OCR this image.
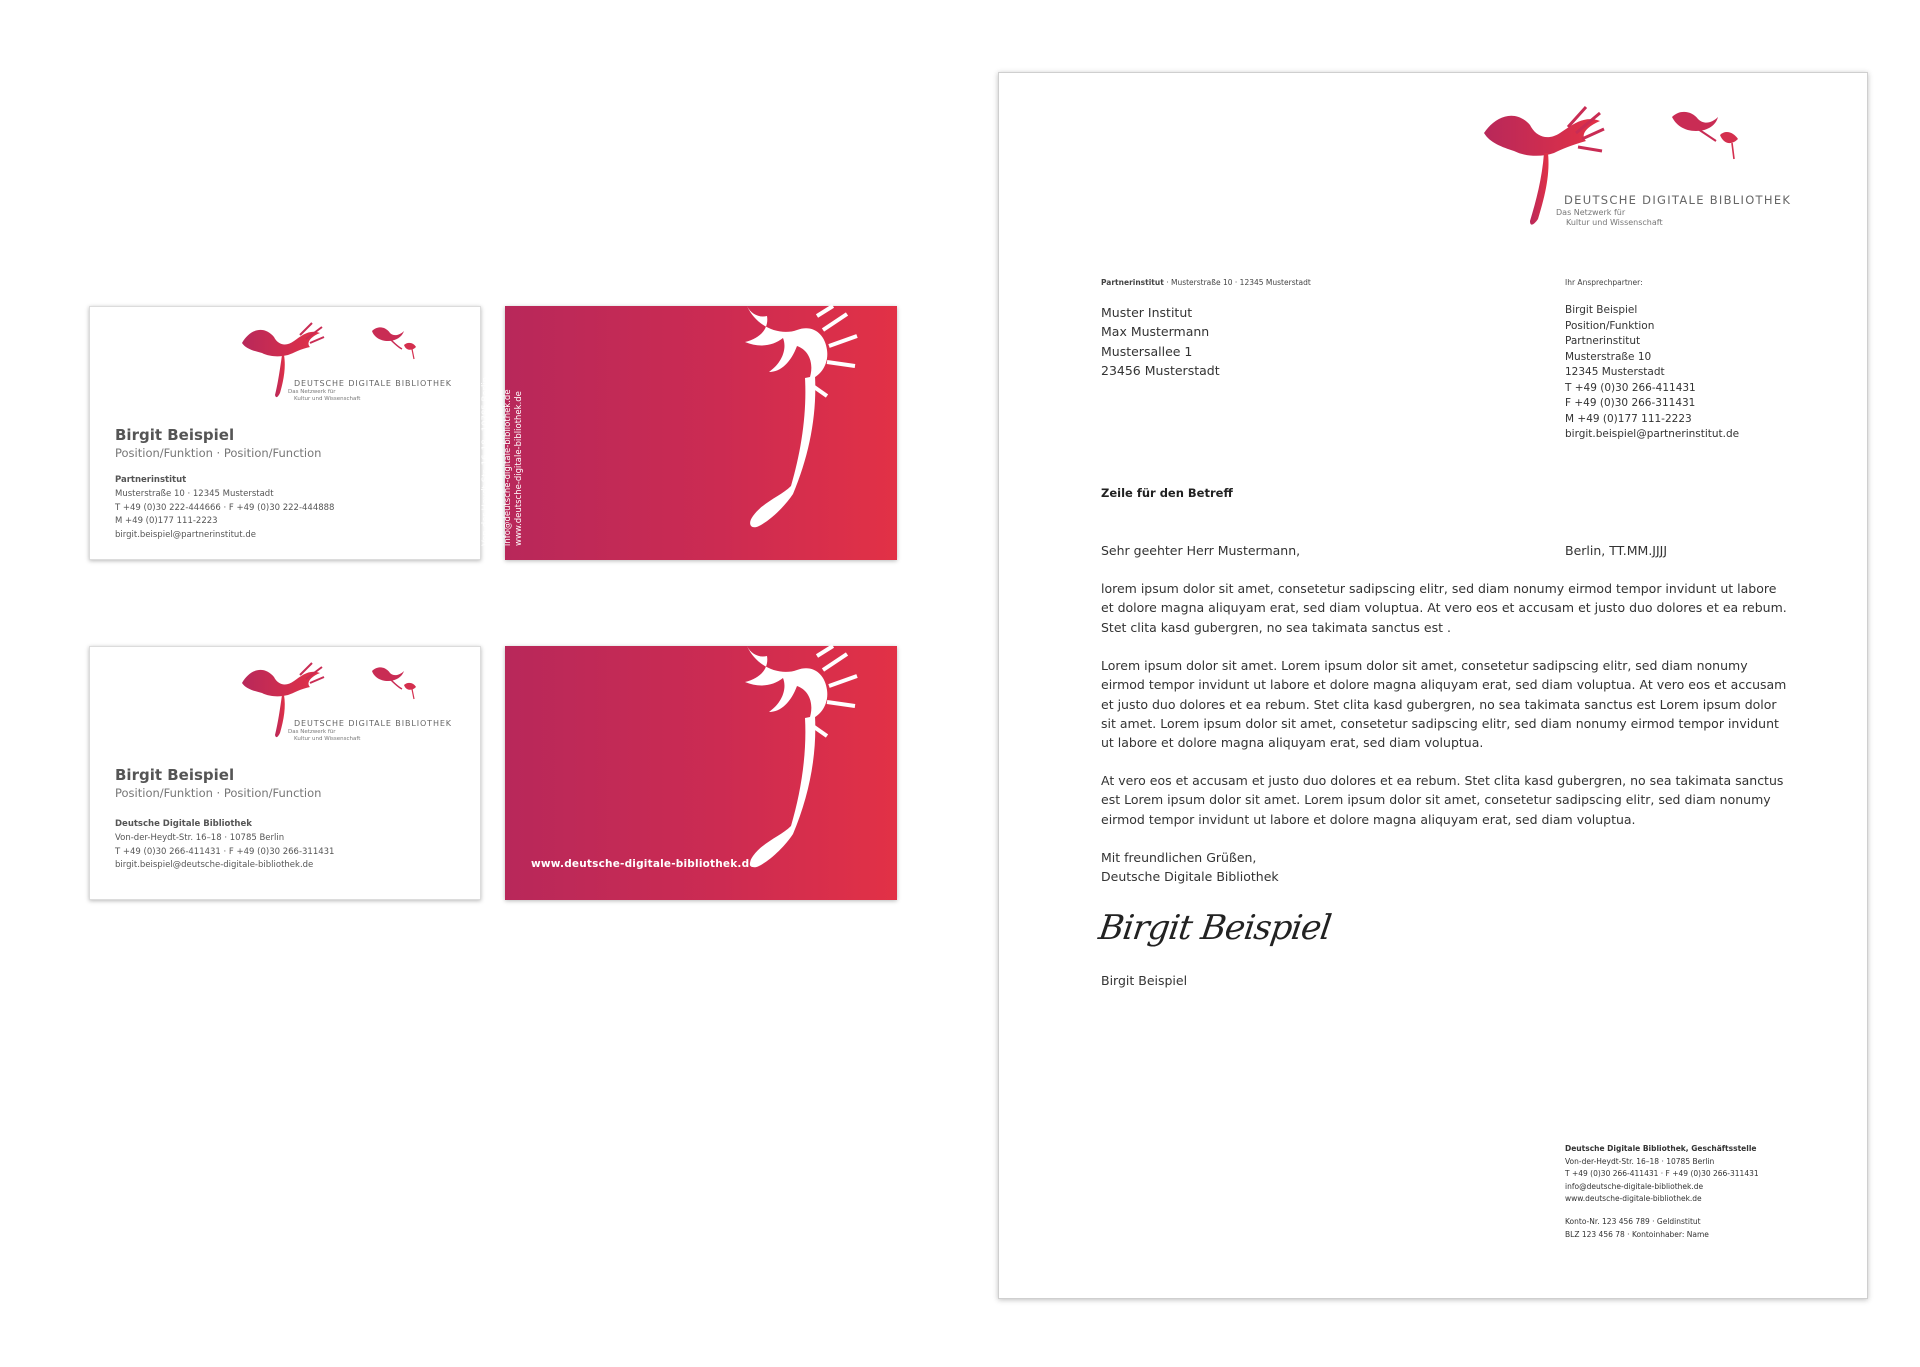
DEUTSCHE DIGITALE BIBLIOTHEK
Das Netzwerk für
Kultur und Wissenschaft
Birgit Beispiel
Position/Funktion · Position/Function
Partnerinstitut
Musterstraße 10 · 12345 Musterstadt
T +49 (0)30 222-444666 · F +49 (0)30 222-444888
M +49 (0)177 111-2223
birgit.beispiel@partnerinstitut.de	Deutsche Digitale Bibliothek, Geschäftsstelle Von-der-Heydt-Str. 16–18 · 10785 Berlin T +49 (0)30 266-411431 · F 311431 info@deutsche-digitale-bibliothek.de www.deutsche-digitale-bibliothek.de
DEUTSCHE DIGITALE BIBLIOTHEK
Das Netzwerk für
Kultur und Wissenschaft
Birgit Beispiel
Position/Funktion · Position/Function
Deutsche Digitale Bibliothek
Von-der-Heydt-Str. 16–18 · 10785 Berlin
T +49 (0)30 266-411431 · F +49 (0)30 266-311431
birgit.beispiel@deutsche-digitale-bibliothek.de	www.deutsche-digitale-bibliothek.de
DEUTSCHE DIGITALE BIBLIOTHEK
Das Netzwerk für
Kultur und Wissenschaft
Partnerinstitut · Musterstraße 10 · 12345 Musterstadt
Muster Institut
Max Mustermann
Mustersallee 1
23456 Musterstadt
Ihr Ansprechpartner:
Birgit Beispiel
Position/Funktion
Partnerinstitut
Musterstraße 10
12345 Musterstadt
T +49 (0)30 266-411431
F +49 (0)30 266-311431
M +49 (0)177 111-2223
birgit.beispiel@partnerinstitut.de
Zeile für den Betreff
Sehr geehter Herr Mustermann,	Berlin, TT.MM.JJJJ
lorem ipsum dolor sit amet, consetetur sadipscing elitr, sed diam nonumy eirmod tempor invidunt ut labore et dolore magna aliquyam erat, sed diam voluptua. At vero eos et accusam et justo duo dolores et ea rebum. Stet clita kasd gubergren, no sea takimata sanctus est .
Lorem ipsum dolor sit amet. Lorem ipsum dolor sit amet, consetetur sadipscing elitr, sed diam nonumy eirmod tempor invidunt ut labore et dolore magna aliquyam erat, sed diam voluptua. At vero eos et accusam et justo duo dolores et ea rebum. Stet clita kasd gubergren, no sea takimata sanctus est Lorem ipsum dolor sit amet. Lorem ipsum dolor sit amet, consetetur sadipscing elitr, sed diam nonumy eirmod tempor invidunt ut labore et dolore magna aliquyam erat, sed diam voluptua.
At vero eos et accusam et justo duo dolores et ea rebum. Stet clita kasd gubergren, no sea takimata sanctus est Lorem ipsum dolor sit amet. Lorem ipsum dolor sit amet, consetetur sadipscing elitr, sed diam nonumy eirmod tempor invidunt ut labore et dolore magna aliquyam erat, sed diam voluptua.
Mit freundlichen Grüßen,
Deutsche Digitale Bibliothek
Birgit Beispiel
Birgit Beispiel
Deutsche Digitale Bibliothek, Geschäftsstelle
Von-der-Heydt-Str. 16–18 · 10785 Berlin
T +49 (0)30 266-411431 · F +49 (0)30 266-311431
info@deutsche-digitale-bibliothek.de
www.deutsche-digitale-bibliothek.de
Konto-Nr. 123 456 789 · Geldinstitut
BLZ 123 456 78 · Kontoinhaber: Name
